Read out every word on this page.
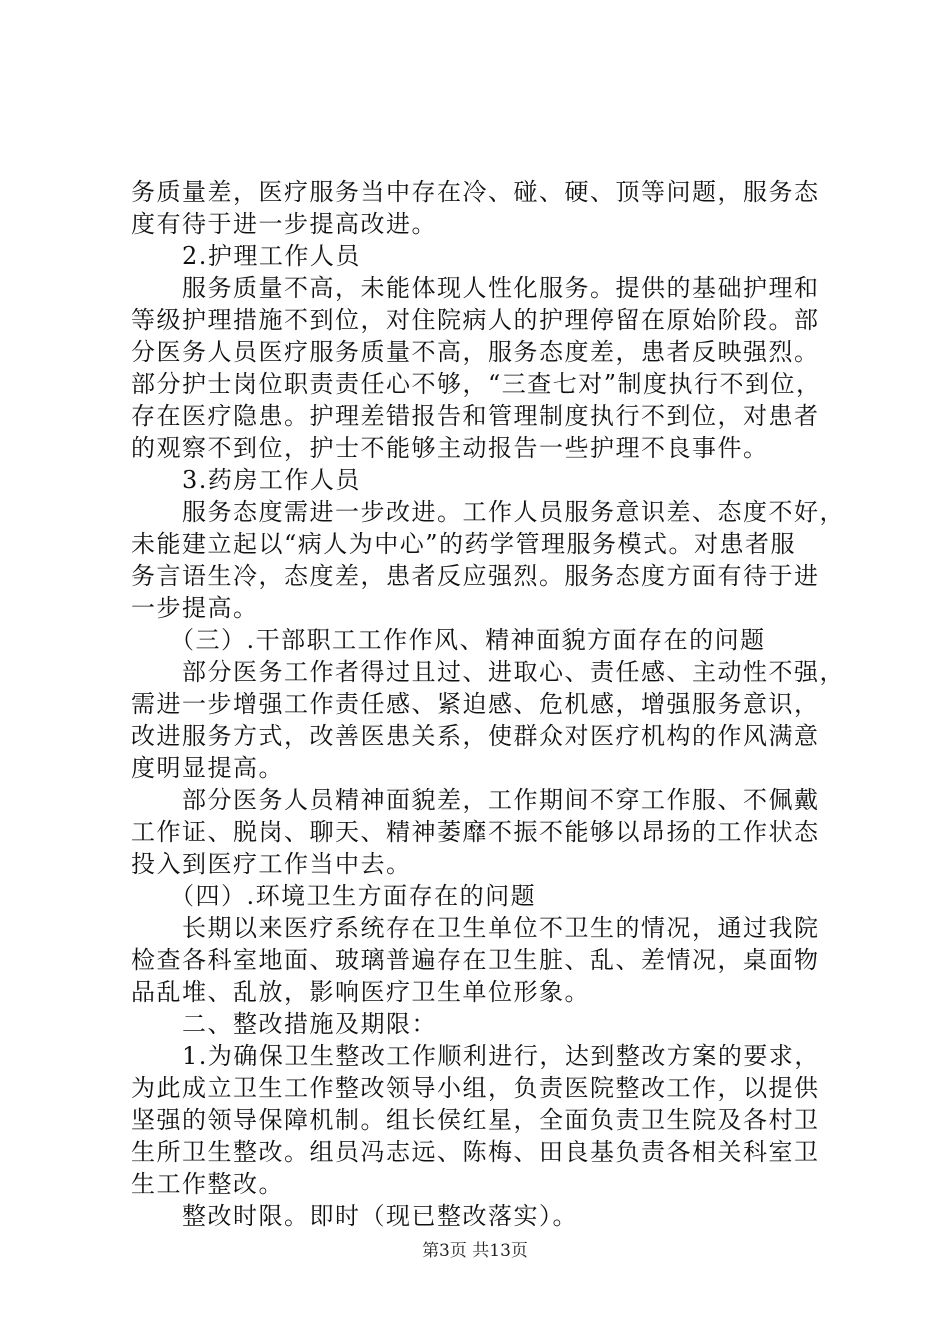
务质量差，医疗服务当中存在冷、碰、硬、顶等问题，服务态
度有待于进一步提高改进。
　　2.护理工作人员
　　服务质量不高，未能体现人性化服务。提供的基础护理和
等级护理措施不到位，对住院病人的护理停留在原始阶段。部
分医务人员医疗服务质量不高，服务态度差，患者反映强烈。
部分护士岗位职责责任心不够，“三查七对”制度执行不到位，
存在医疗隐患。护理差错报告和管理制度执行不到位，对患者
的观察不到位，护士不能够主动报告一些护理不良事件。
　　3.药房工作人员
　　服务态度需进一步改进。工作人员服务意识差、态度不好，
未能建立起以“病人为中心”的药学管理服务模式。对患者服
务言语生冷，态度差，患者反应强烈。服务态度方面有待于进
一步提高。
　　（三）.干部职工工作作风、精神面貌方面存在的问题
　　部分医务工作者得过且过、进取心、责任感、主动性不强，
需进一步增强工作责任感、紧迫感、危机感，增强服务意识，
改进服务方式，改善医患关系，使群众对医疗机构的作风满意
度明显提高。
　　部分医务人员精神面貌差，工作期间不穿工作服、不佩戴
工作证、脱岗、聊天、精神萎靡不振不能够以昂扬的工作状态
投入到医疗工作当中去。
　　（四）.环境卫生方面存在的问题
　　长期以来医疗系统存在卫生单位不卫生的情况，通过我院
检查各科室地面、玻璃普遍存在卫生脏、乱、差情况，桌面物
品乱堆、乱放，影响医疗卫生单位形象。
　　二、整改措施及期限：
　　1.为确保卫生整改工作顺利进行，达到整改方案的要求，
为此成立卫生工作整改领导小组，负责医院整改工作，以提供
坚强的领导保障机制。组长侯红星，全面负责卫生院及各村卫
生所卫生整改。组员冯志远、陈梅、田良基负责各相关科室卫
生工作整改。
　　整改时限。即时（现已整改落实）。
第3页 共13页
